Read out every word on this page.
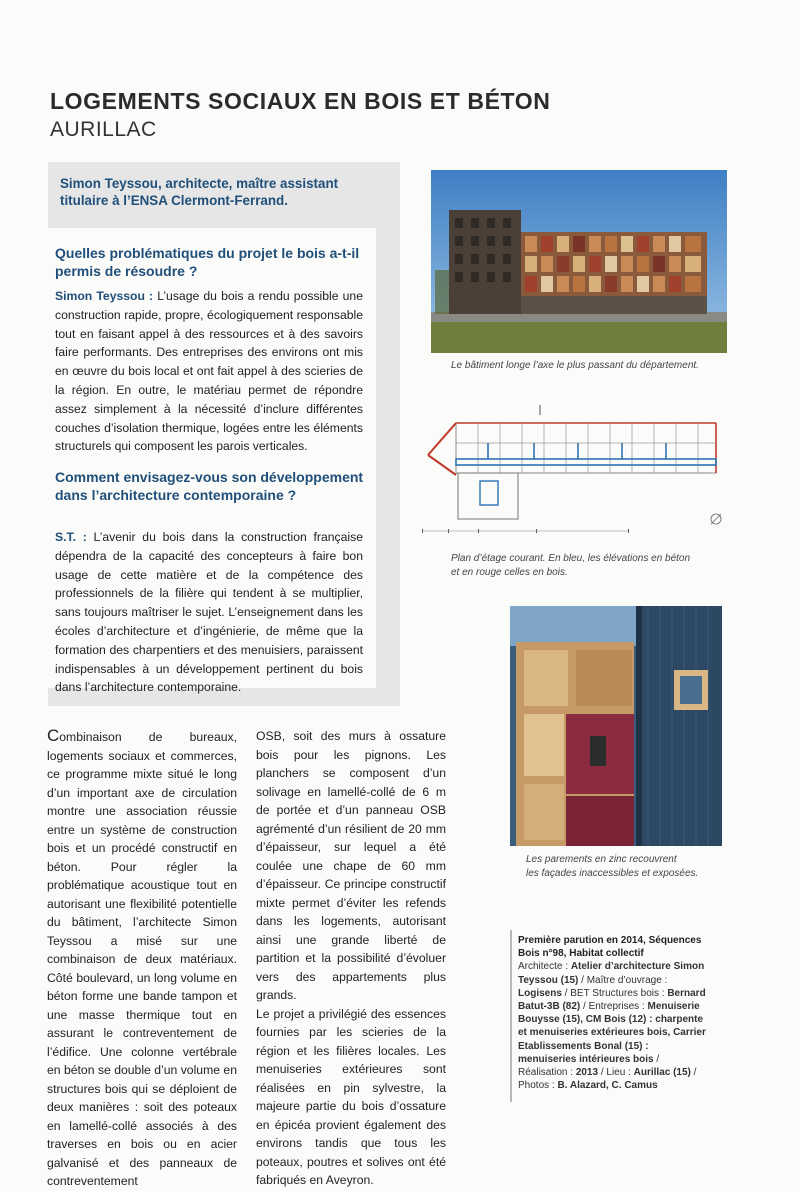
LOGEMENTS SOCIAUX EN BOIS ET BÉTON
AURILLAC

Simon Teyssou, architecte, maître assistant titulaire à l’ENSA Clermont-Ferrand.

Quelles problématiques du projet le bois a-t-il permis de résoudre ?

Simon Teyssou : L’usage du bois a rendu possible une construction rapide, propre, écologiquement responsable tout en faisant appel à des ressources et à des savoirs faire performants. Des entreprises des environs ont mis en œuvre du bois local et ont fait appel à des scieries de la région. En outre, le matériau permet de répondre assez simplement à la nécessité d’inclure différentes couches d’isolation thermique, logées entre les éléments structurels qui composent les parois verticales.

Comment envisagez-vous son développement dans l’architecture contemporaine ?

S.T. : L’avenir du bois dans la construction française dépendra de la capacité des concepteurs à faire bon usage de cette matière et de la compétence des professionnels de la filière qui tendent à se multiplier, sans toujours maîtriser le sujet. L’enseignement dans les écoles d’architecture et d’ingénierie, de même que la formation des charpentiers et des menuisiers, paraissent indispensables à un développement pertinent du bois dans l’architecture contemporaine.

Le bâtiment longe l’axe le plus passant du département.
Plan d’étage courant. En bleu, les élévations en béton
et en rouge celles en bois.
Les parements en zinc recouvrent
les façades inaccessibles et exposées.

Combinaison de bureaux, logements sociaux et commerces, ce programme mixte situé le long d’un important axe de circulation montre une association réussie entre un système de construction bois et un procédé constructif en béton. Pour régler la problématique acoustique tout en autorisant une flexibilité potentielle du bâtiment, l’architecte Simon Teyssou a misé sur une combinaison de deux matériaux. Côté boulevard, un long volume en béton forme une bande tampon et une masse thermique tout en assurant le contreventement de l’édifice. Une colonne vertébrale en béton se double d’un volume en structures bois qui se déploient de deux manières : soit des poteaux en lamellé-collé associés à des traverses en bois ou en acier galvanisé et des panneaux de contreventement

OSB, soit des murs à ossature bois pour les pignons. Les planchers se composent d’un solivage en lamellé-collé de 6 m de portée et d’un panneau OSB agrémenté d’un résilient de 20 mm d’épaisseur, sur lequel a été coulée une chape de 60 mm d’épaisseur. Ce principe constructif mixte permet d’éviter les refends dans les logements, autorisant ainsi une grande liberté de partition et la possibilité d’évoluer vers des appartements plus grands.
Le projet a privilégié des essences fournies par les scieries de la région et les filières locales. Les menuiseries extérieures sont réalisées en pin sylvestre, la majeure partie du bois d’ossature en épicéa provient également des environs tandis que tous les poteaux, poutres et solives ont été fabriqués en Aveyron.
Première parution en 2014, Séquences Bois n°98, Habitat collectif
Architecte : Atelier d’architecture Simon Teyssou (15) / Maître d’ouvrage : Logisens / BET Structures bois : Bernard Batut-3B (82) / Entreprises : Menuiserie Bouysse (15), CM Bois (12) : charpente et menuiseries extérieures bois, Carrier Etablissements Bonal (15) : menuiseries intérieures bois / Réalisation : 2013 / Lieu : Aurillac (15) / Photos : B. Alazard, C. Camus
